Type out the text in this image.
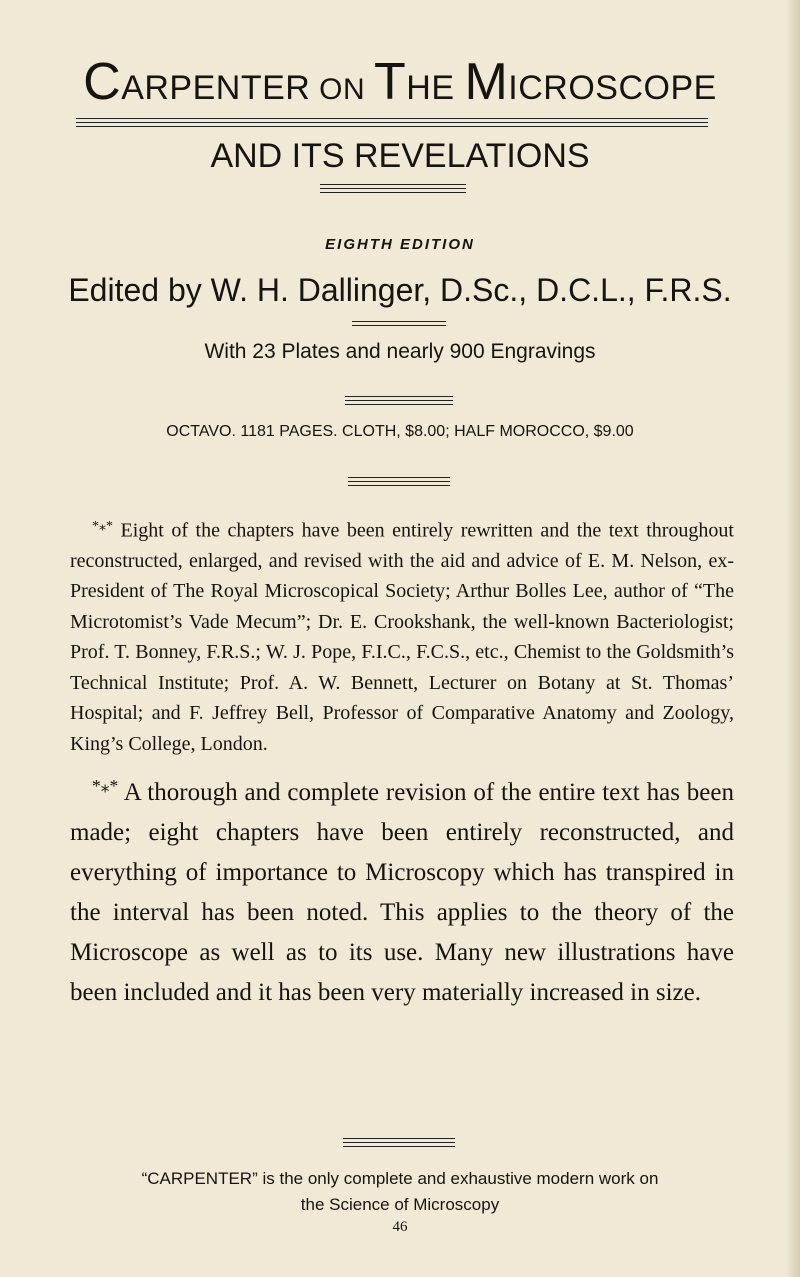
CARPENTER ON THE MICROSCOPE
AND ITS REVELATIONS
EIGHTH EDITION
Edited by W. H. Dallinger, D.Sc., D.C.L., F.R.S.
With 23 Plates and nearly 900 Engravings
OCTAVO. 1181 PAGES. CLOTH, $8.00; HALF MOROCCO, $9.00
*⁎* Eight of the chapters have been entirely rewritten and the text throughout reconstructed, enlarged, and revised with the aid and advice of E. M. Nelson, ex-President of The Royal Microscopical Society; Arthur Bolles Lee, author of “The Microtomist’s Vade Mecum”; Dr. E. Crookshank, the well-known Bacteriologist; Prof. T. Bonney, F.R.S.; W. J. Pope, F.I.C., F.C.S., etc., Chemist to the Goldsmith’s Technical Institute; Prof. A. W. Bennett, Lecturer on Botany at St. Thomas’ Hospital; and F. Jeffrey Bell, Professor of Comparative Anatomy and Zoology, King’s College, London.
*⁎* A thorough and complete revision of the entire text has been made; eight chapters have been entirely reconstructed, and everything of importance to Microscopy which has transpired in the interval has been noted. This applies to the theory of the Microscope as well as to its use. Many new illustrations have been included and it has been very materially increased in size.
“CARPENTER” is the only complete and exhaustive modern work on
the Science of Microscopy
46
